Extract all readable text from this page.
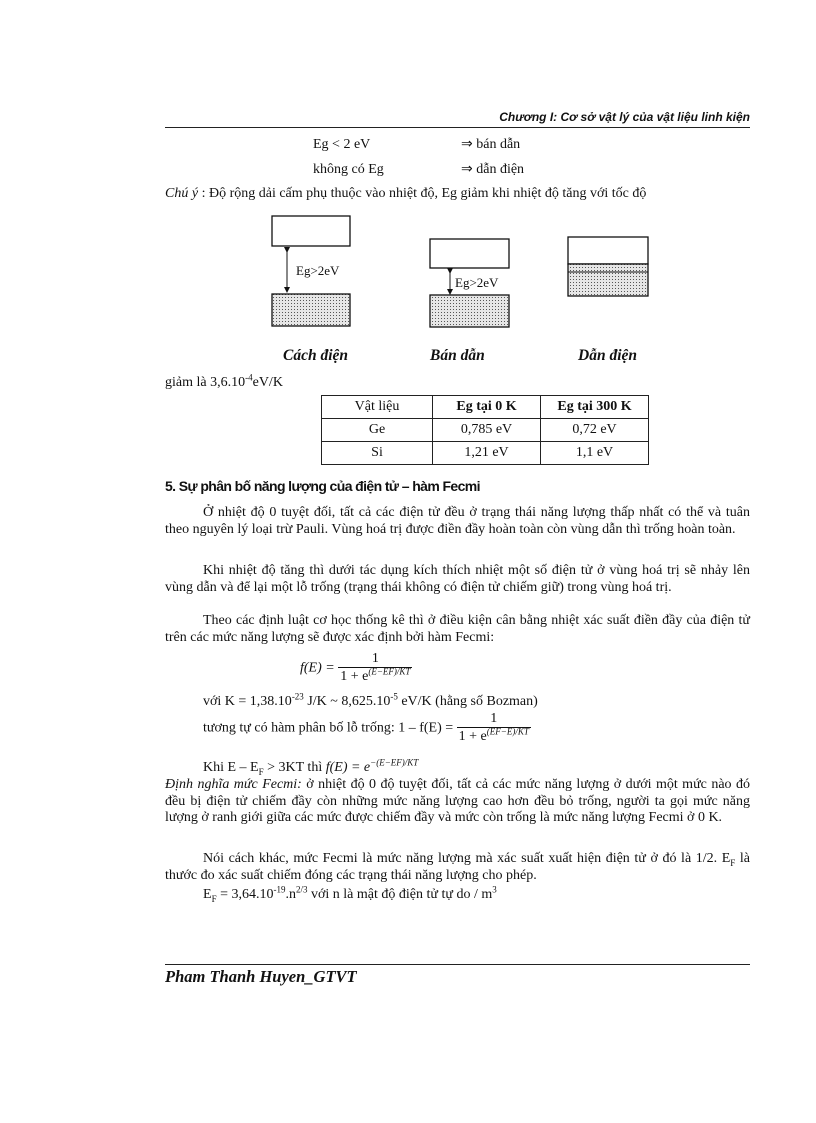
Chương I: Cơ sở vật lý của vật liệu linh kiện
Eg < 2 eV	⇒ bán dẫn
không có Eg	⇒ dẫn điện
Chú ý : Độ rộng dải cấm phụ thuộc vào nhiệt độ, Eg giảm khi nhiệt độ tăng với tốc độ
Eg>2eV
Eg>2eV
Cách điện	Bán dẫn	Dẫn điện
giảm là $3,6.10^{-4}eV/K$
Vật liệu	Eg tại 0 K	Eg tại 300 K
Ge	0,785 eV	0,72 eV
Si	1,21 eV	1,1 eV
5. Sự phân bố năng lượng của điện tử – hàm Fecmi
Ở nhiệt độ 0 tuyệt đối, tất cả các điện tử đều ở trạng thái năng lượng thấp nhất có thể và tuân theo nguyên lý loại trừ Pauli. Vùng hoá trị được điền đầy hoàn toàn còn vùng dẫn thì trống hoàn toàn.
Khi nhiệt độ tăng thì dưới tác dụng kích thích nhiệt một số điện tử ở vùng hoá trị sẽ nhảy lên vùng dẫn và để lại một lỗ trống (trạng thái không có điện tử chiếm giữ) trong vùng hoá trị.
Theo các định luật cơ học thống kê thì ở điều kiện cân bằng nhiệt xác suất điền đầy của điện tử trên các mức năng lượng sẽ được xác định bởi hàm Fecmi:
$f(E) = \frac{1}{1 + e^{(E-EF)/KT}}$
với $K = 1,38.10^{-23}$ J/K ~ $8,625.10^{-5}$ eV/K (hằng số Bozman)
tương tự có hàm phân bố lỗ trống: $1 - f(E) = \frac{1}{1 + e^{(EF-E)/KT}}$
Khi $E - E_F > 3KT$ thì $f(E) = e^{-(E-EF)/KT}$
Định nghĩa mức Fecmi: ở nhiệt độ 0 độ tuyệt đối, tất cả các mức năng lượng ở dưới một mức nào đó đều bị điện tử chiếm đầy còn những mức năng lượng cao hơn đều bỏ trống, người ta gọi mức năng lượng ở ranh giới giữa các mức được chiếm đầy và mức còn trống là mức năng lượng Fecmi ở 0 K.
Nói cách khác, mức Fecmi là mức năng lượng mà xác suất xuất hiện điện tử ở đó là 1/2. $E_F$ là thước đo xác suất chiếm đóng các trạng thái năng lượng cho phép.
$E_F = 3,64.10^{-19}.n^{2/3}$ với n là mật độ điện tử tự do / $m^3$
Pham Thanh Huyen_GTVT
